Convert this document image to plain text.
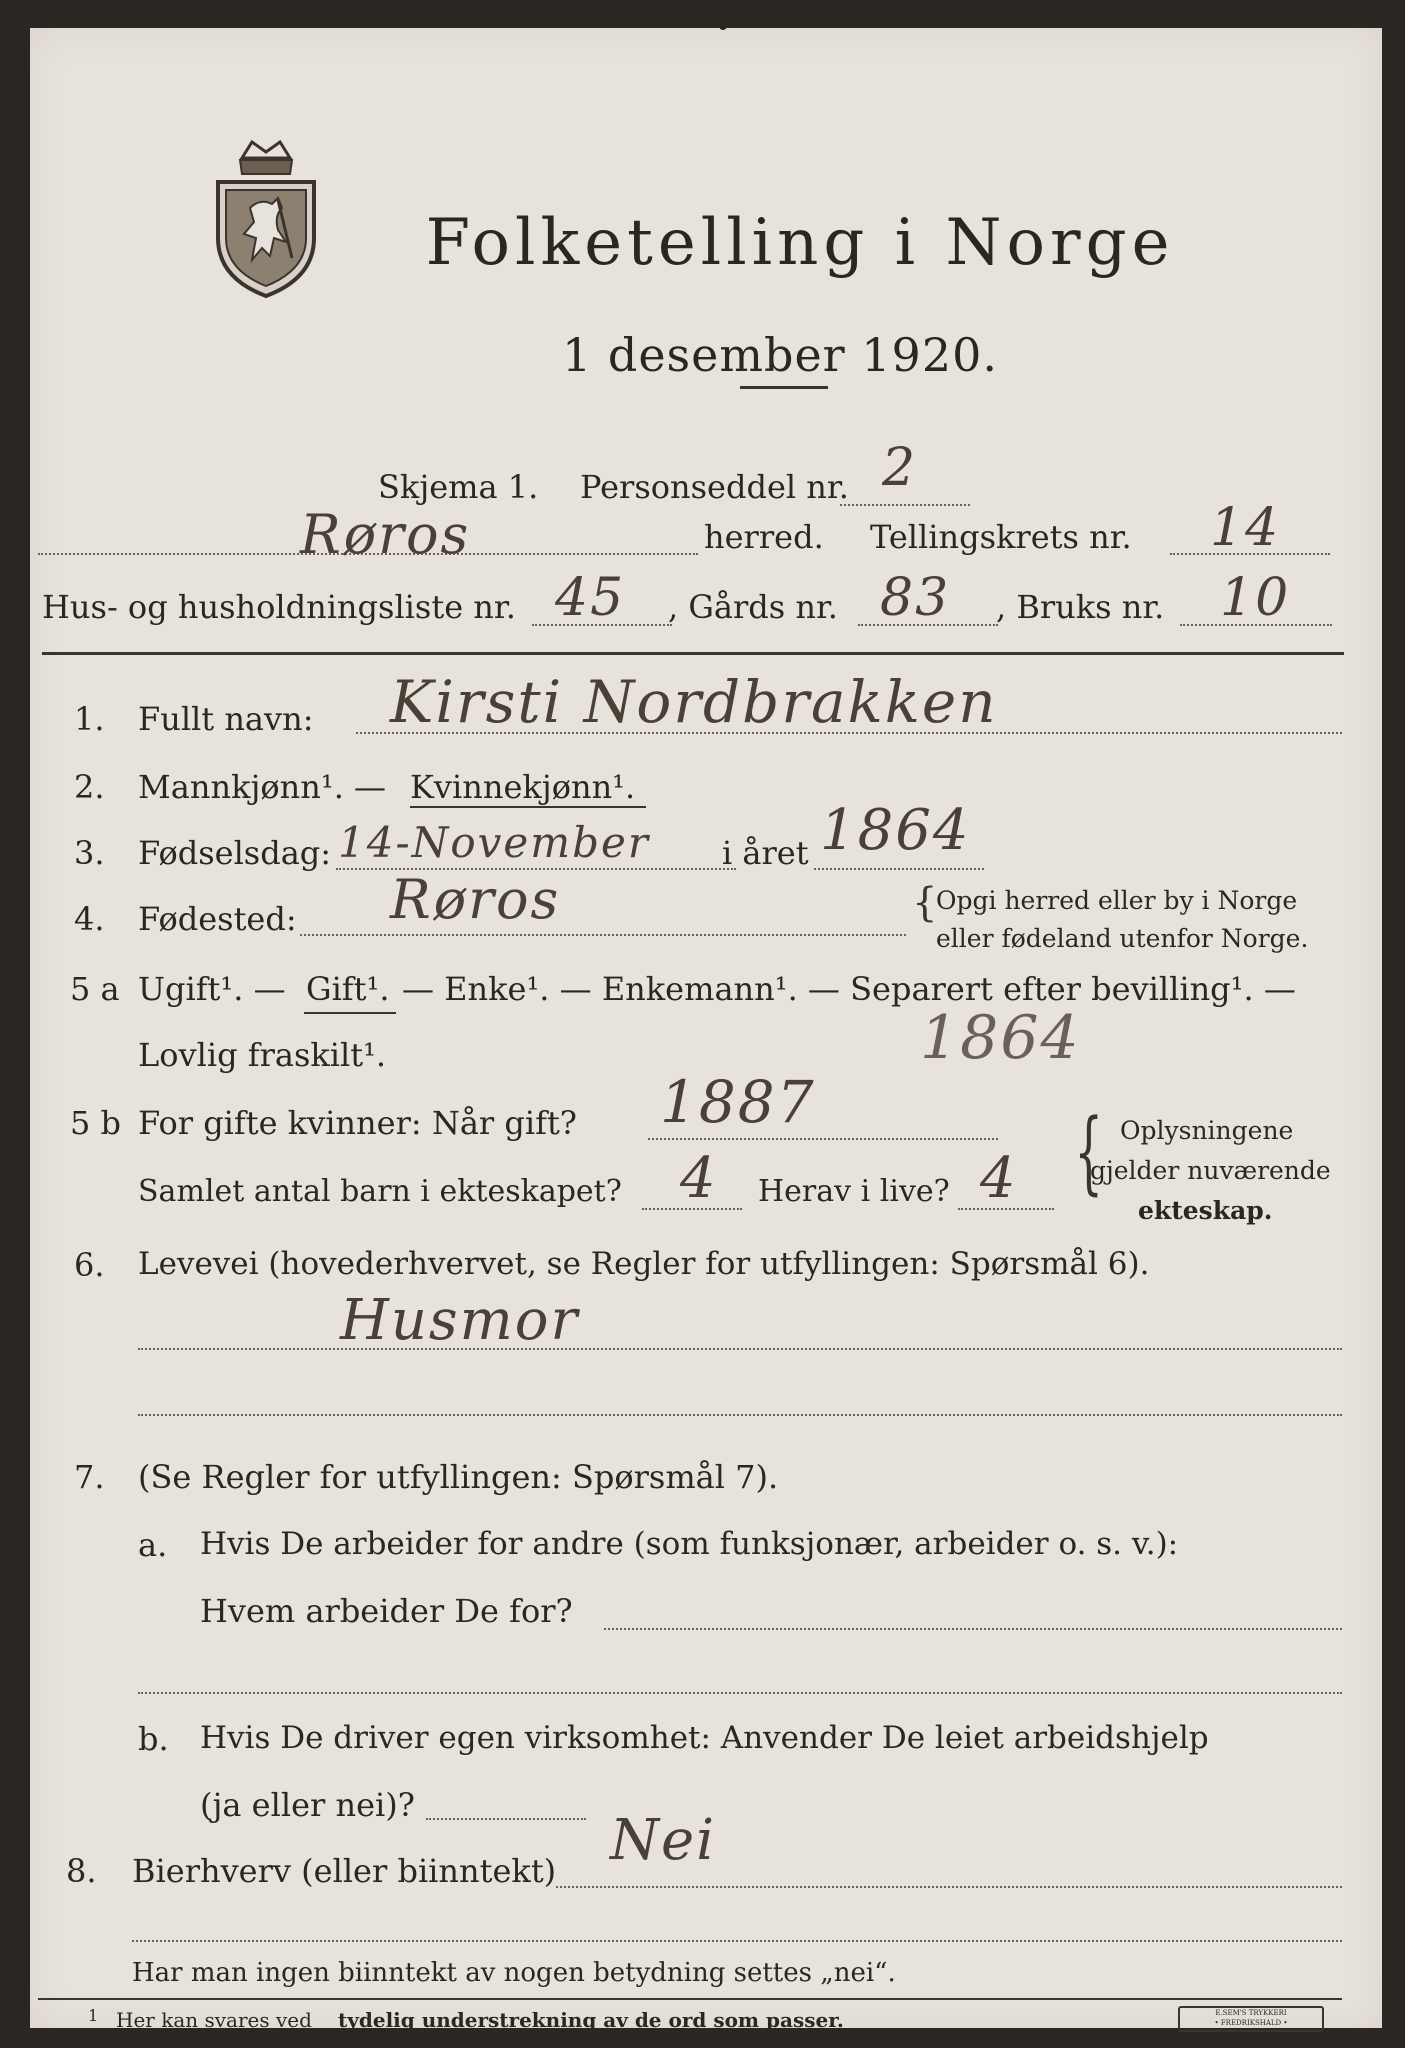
Folketelling i Norge
1 desember 1920.
Skjema 1. Personseddel nr. 2
Røros	herred. Tellingskrets nr. 14
Hus- og husholdningsliste nr. 45 , Gårds nr. 83 , Bruks nr. 10
1. Fullt navn: Kirsti Nordbrakken
2. Mannkjønn¹. — Kvinnekjønn¹.
3. Fødselsdag: 14-November i året 1864
4. Fødested: Røros	{
Opgi herred eller by i Norge
eller fødeland utenfor Norge.
5 a Ugift¹. — Gift¹. — Enke¹. — Enkemann¹. — Separert efter bevilling¹. —
Lovlig fraskilt¹.	1864
5 b For gifte kvinner: Når gift? 1887
Samlet antal barn i ekteskapet? 4 Herav i live? 4 { Oplysningene
gjelder nuværende
ekteskap.
6. Levevei (hovederhvervet, se Regler for utfyllingen: Spørsmål 6).
Husmor
7. (Se Regler for utfyllingen: Spørsmål 7).
a. Hvis De arbeider for andre (som funksjonær, arbeider o. s. v.):
Hvem arbeider De for?
b. Hvis De driver egen virksomhet: Anvender De leiet arbeidshjelp
(ja eller nei)?
8. Bierhverv (eller biinntekt) Nei
Har man ingen biinntekt av nogen betydning settes „nei“.
1 Her kan svares ved tydelig understrekning av de ord som passer.	E.SEM'S TRYKKERI
• FREDRIKSHALD •
